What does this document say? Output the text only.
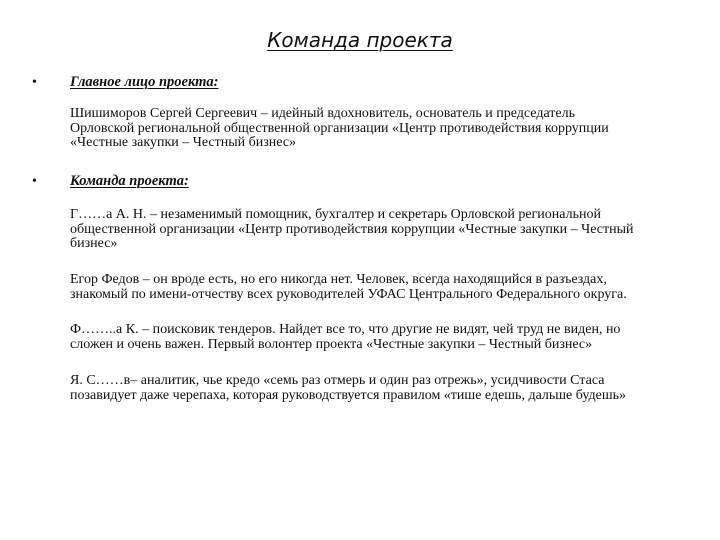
Команда проекта
• Главное лицо проекта:
Шишиморов Сергей Сергеевич – идейный вдохновитель, основатель и председатель
Орловской региональной общественной организации «Центр противодействия коррупции
«Честные закупки – Честный бизнес»
• Команда проекта:
Г……а А. Н. – незаменимый помощник, бухгалтер и секретарь Орловской региональной
общественной организации «Центр противодействия коррупции «Честные закупки – Честный
бизнес»
Егор Федов – он вроде есть, но его никогда нет. Человек, всегда находящийся в разъездах,
знакомый по имени-отчеству всех руководителей УФАС Центрального Федерального округа.
Ф……..а К. – поисковик тендеров. Найдет все то, что другие не видят, чей труд не виден, но
сложен и очень важен. Первый волонтер проекта «Честные закупки – Честный бизнес»
Я. С……в– аналитик, чье кредо «семь раз отмерь и один раз отрежь», усидчивости Стаса
позавидует даже черепаха, которая руководствуется правилом «тише едешь, дальше будешь»
